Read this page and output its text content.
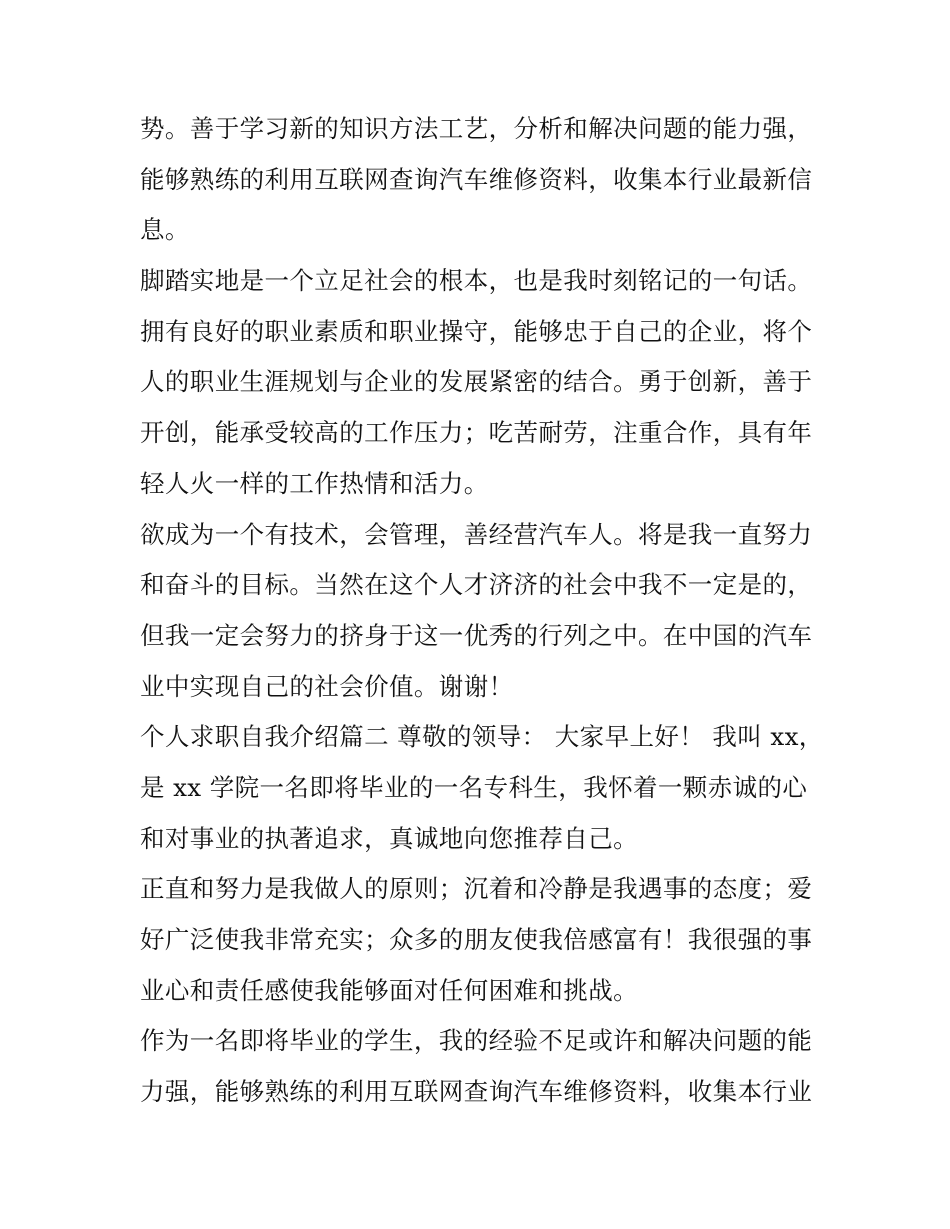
势。善于学习新的知识方法工艺，分析和解决问题的能力强，
能够熟练的利用互联网查询汽车维修资料，收集本行业最新信
息。
脚踏实地是一个立足社会的根本，也是我时刻铭记的一句话。
拥有良好的职业素质和职业操守，能够忠于自己的企业，将个
人的职业生涯规划与企业的发展紧密的结合。勇于创新，善于
开创，能承受较高的工作压力；吃苦耐劳，注重合作，具有年
轻人火一样的工作热情和活力。
欲成为一个有技术，会管理，善经营汽车人。将是我一直努力
和奋斗的目标。当然在这个人才济济的社会中我不一定是的，
但我一定会努力的挤身于这一优秀的行列之中。在中国的汽车
业中实现自己的社会价值。谢谢！
个人求职自我介绍篇二 尊敬的领导： 大家早上好！ 我叫 xx，
是 xx 学院一名即将毕业的一名专科生，我怀着一颗赤诚的心
和对事业的执著追求，真诚地向您推荐自己。
正直和努力是我做人的原则；沉着和冷静是我遇事的态度；爱
好广泛使我非常充实；众多的朋友使我倍感富有！我很强的事
业心和责任感使我能够面对任何困难和挑战。
作为一名即将毕业的学生，我的经验不足或许和解决问题的能
力强，能够熟练的利用互联网查询汽车维修资料，收集本行业
